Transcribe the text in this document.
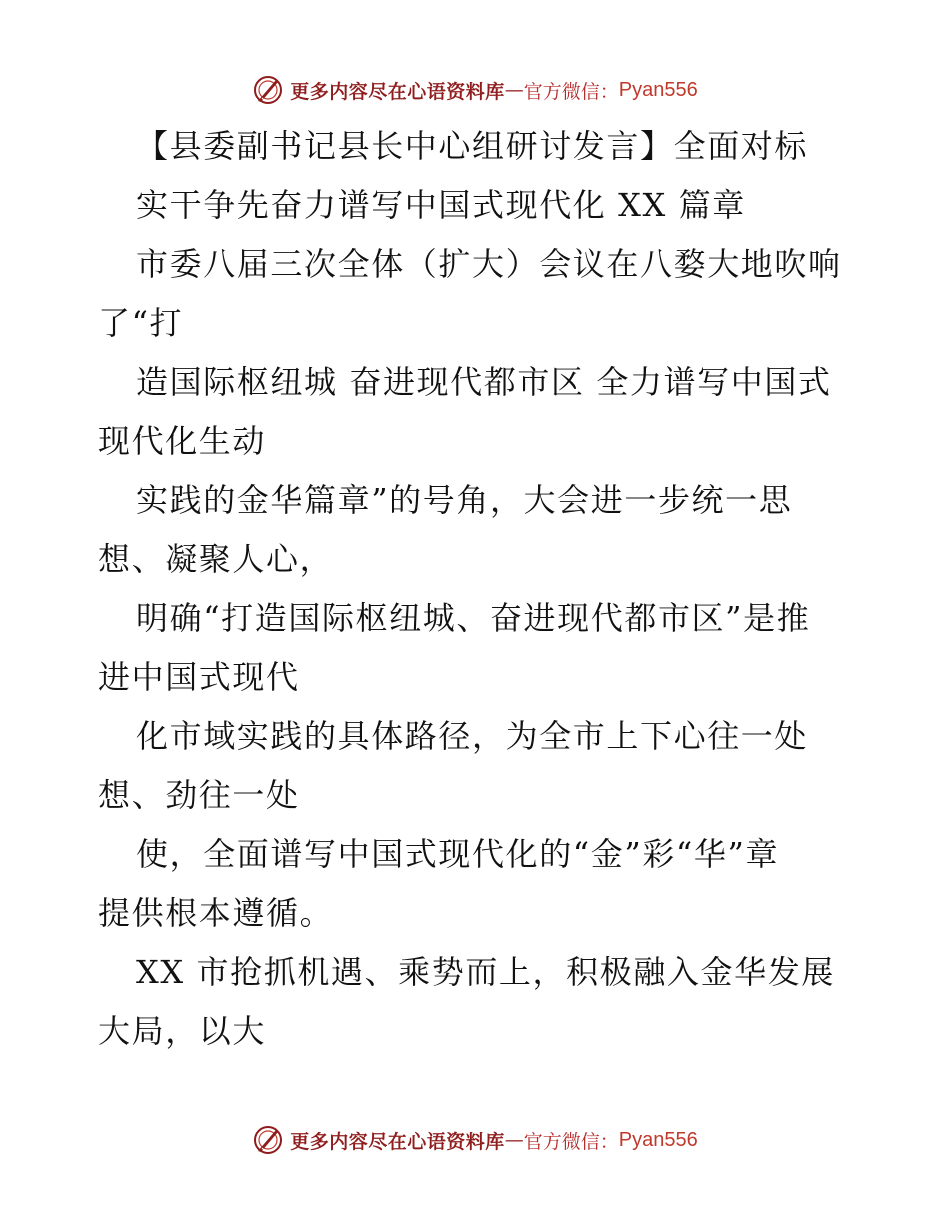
更多内容尽在心语资料库 — 官方微信： Pyan556
【县委副书记县长中心组研讨发言】全面对标
实干争先奋力谱写中国式现代化 XX 篇章
市委八届三次全体（扩大）会议在八婺大地吹响
了“打
造国际枢纽城 奋进现代都市区 全力谱写中国式
现代化生动
实践的金华篇章”的号角，大会进一步统一思
想、凝聚人心，
明确“打造国际枢纽城、奋进现代都市区”是推
进中国式现代
化市域实践的具体路径，为全市上下心往一处
想、劲往一处
使，全面谱写中国式现代化的“金”彩“华”章
提供根本遵循。
XX 市抢抓机遇、乘势而上，积极融入金华发展
大局，以大
更多内容尽在心语资料库 — 官方微信： Pyan556
